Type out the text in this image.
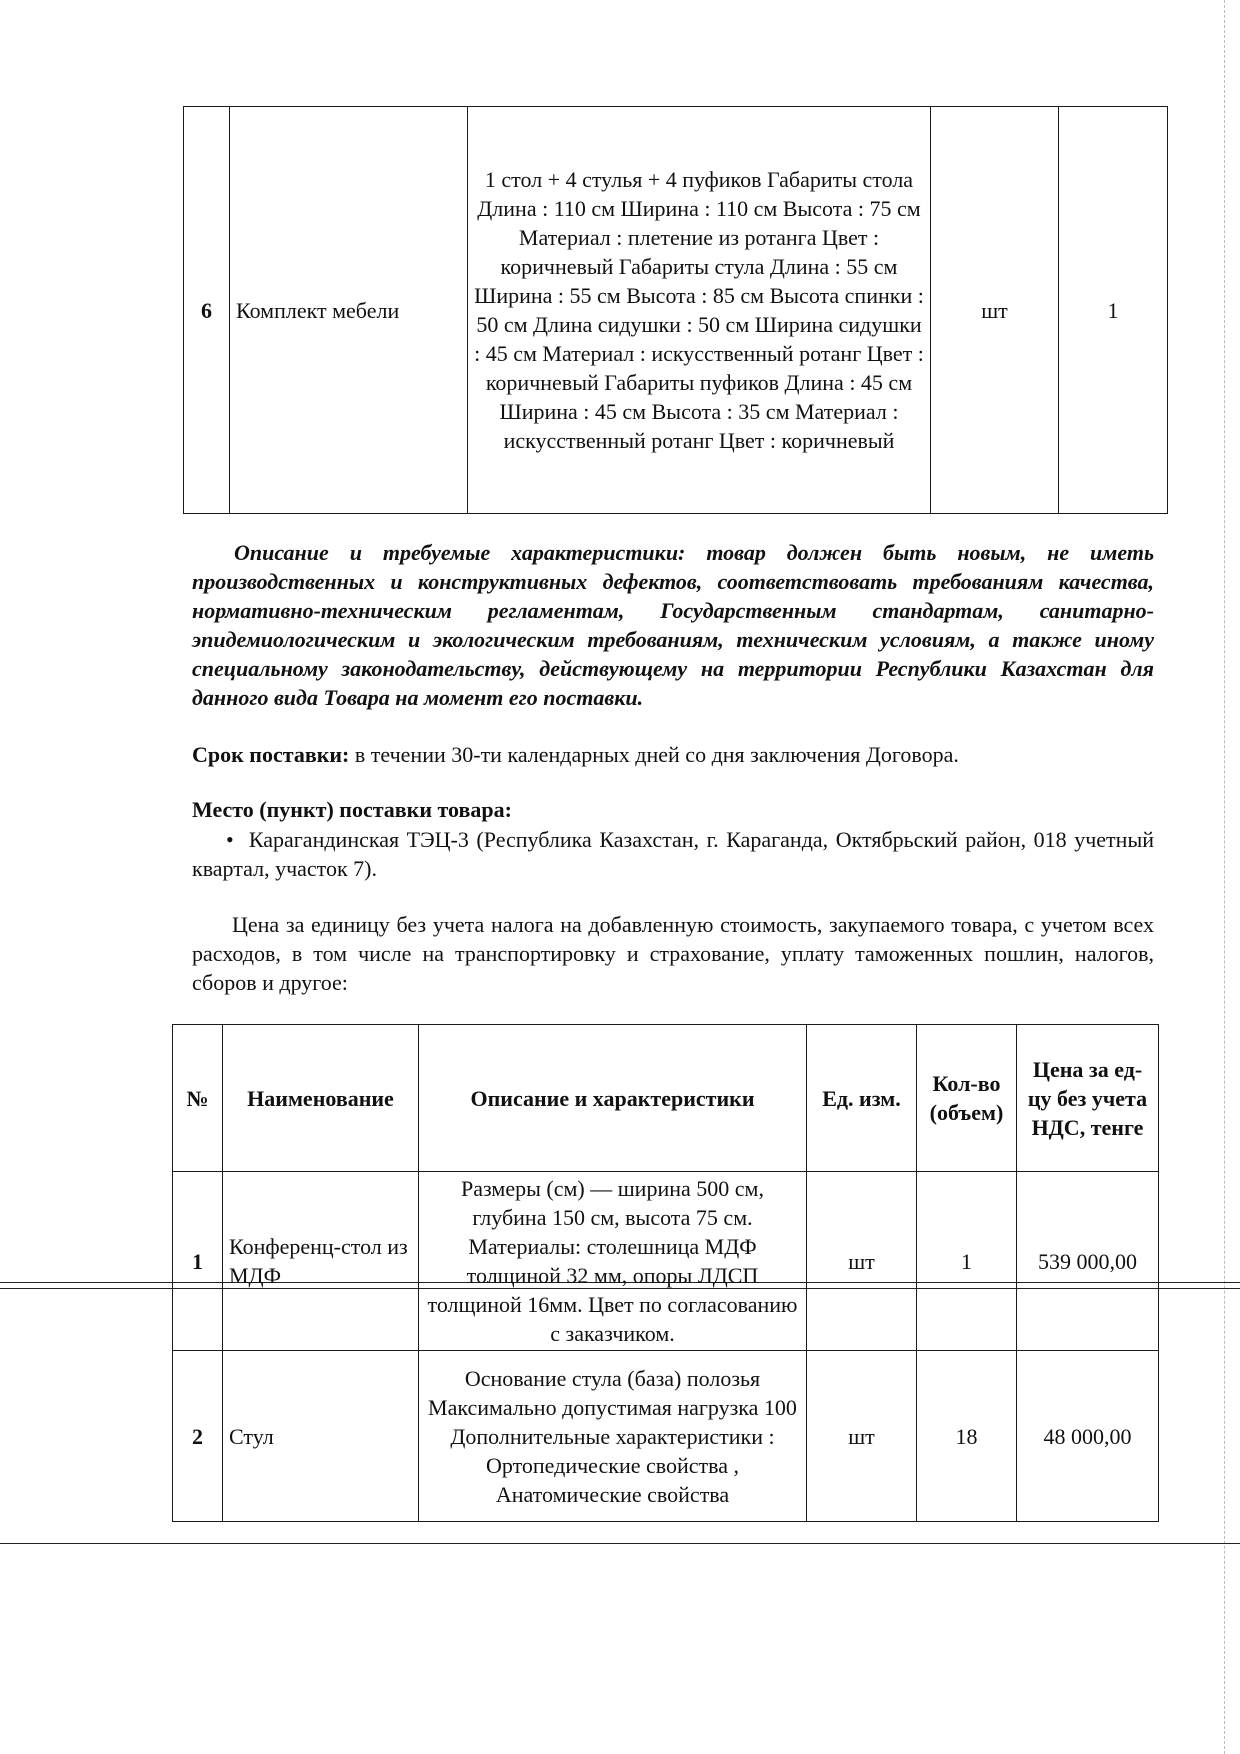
6	Комплект мебели	1 стол + 4 стулья + 4 пуфиков Габариты стола Длина : 110 см Ширина : 110 см Высота : 75 см Материал : плетение из ротанга Цвет : коричневый Габариты стула Длина : 55 см Ширина : 55 см Высота : 85 см Высота спинки : 50 см Длина сидушки : 50 см Ширина сидушки : 45 см Материал : искусственный ротанг Цвет : коричневый Габариты пуфиков Длина : 45 см Ширина : 45 см Высота : 35 см Материал : искусственный ротанг Цвет : коричневый	шт	1
Описание и требуемые характеристики: товар должен быть новым, не иметь производственных и конструктивных дефектов, соответствовать требованиям качества, нормативно-техническим регламентам, Государственным стандартам, санитарно-эпидемиологическим и экологическим требованиям, техническим условиям, а также иному специальному законодательству, действующему на территории Республики Казахстан для данного вида Товара на момент его поставки.
Срок поставки: в течении 30-ти календарных дней со дня заключения Договора.
Место (пункт) поставки товара:
• Карагандинская ТЭЦ-3 (Республика Казахстан, г. Караганда, Октябрьский район, 018 учетный квартал, участок 7).
Цена за единицу без учета налога на добавленную стоимость, закупаемого товара, с учетом всех расходов, в том числе на транспортировку и страхование, уплату таможенных пошлин, налогов, сборов и другое:
№	Наименование	Описание и характеристики	Ед. изм.	Кол-во (объем)	Цена за ед-цу без учета НДС, тенге
1	Конференц-стол из МДФ	Размеры (см) — ширина 500 см, глубина 150 см, высота 75 см. Материалы: столешница МДФ толщиной 32 мм, опоры ЛДСП толщиной 16мм. Цвет по согласованию с заказчиком.	шт	1	539 000,00
2	Стул	Основание стула (база) полозья Максимально допустимая нагрузка 100 Дополнительные характеристики : Ортопедические свойства , Анатомические свойства	шт	18	48 000,00
